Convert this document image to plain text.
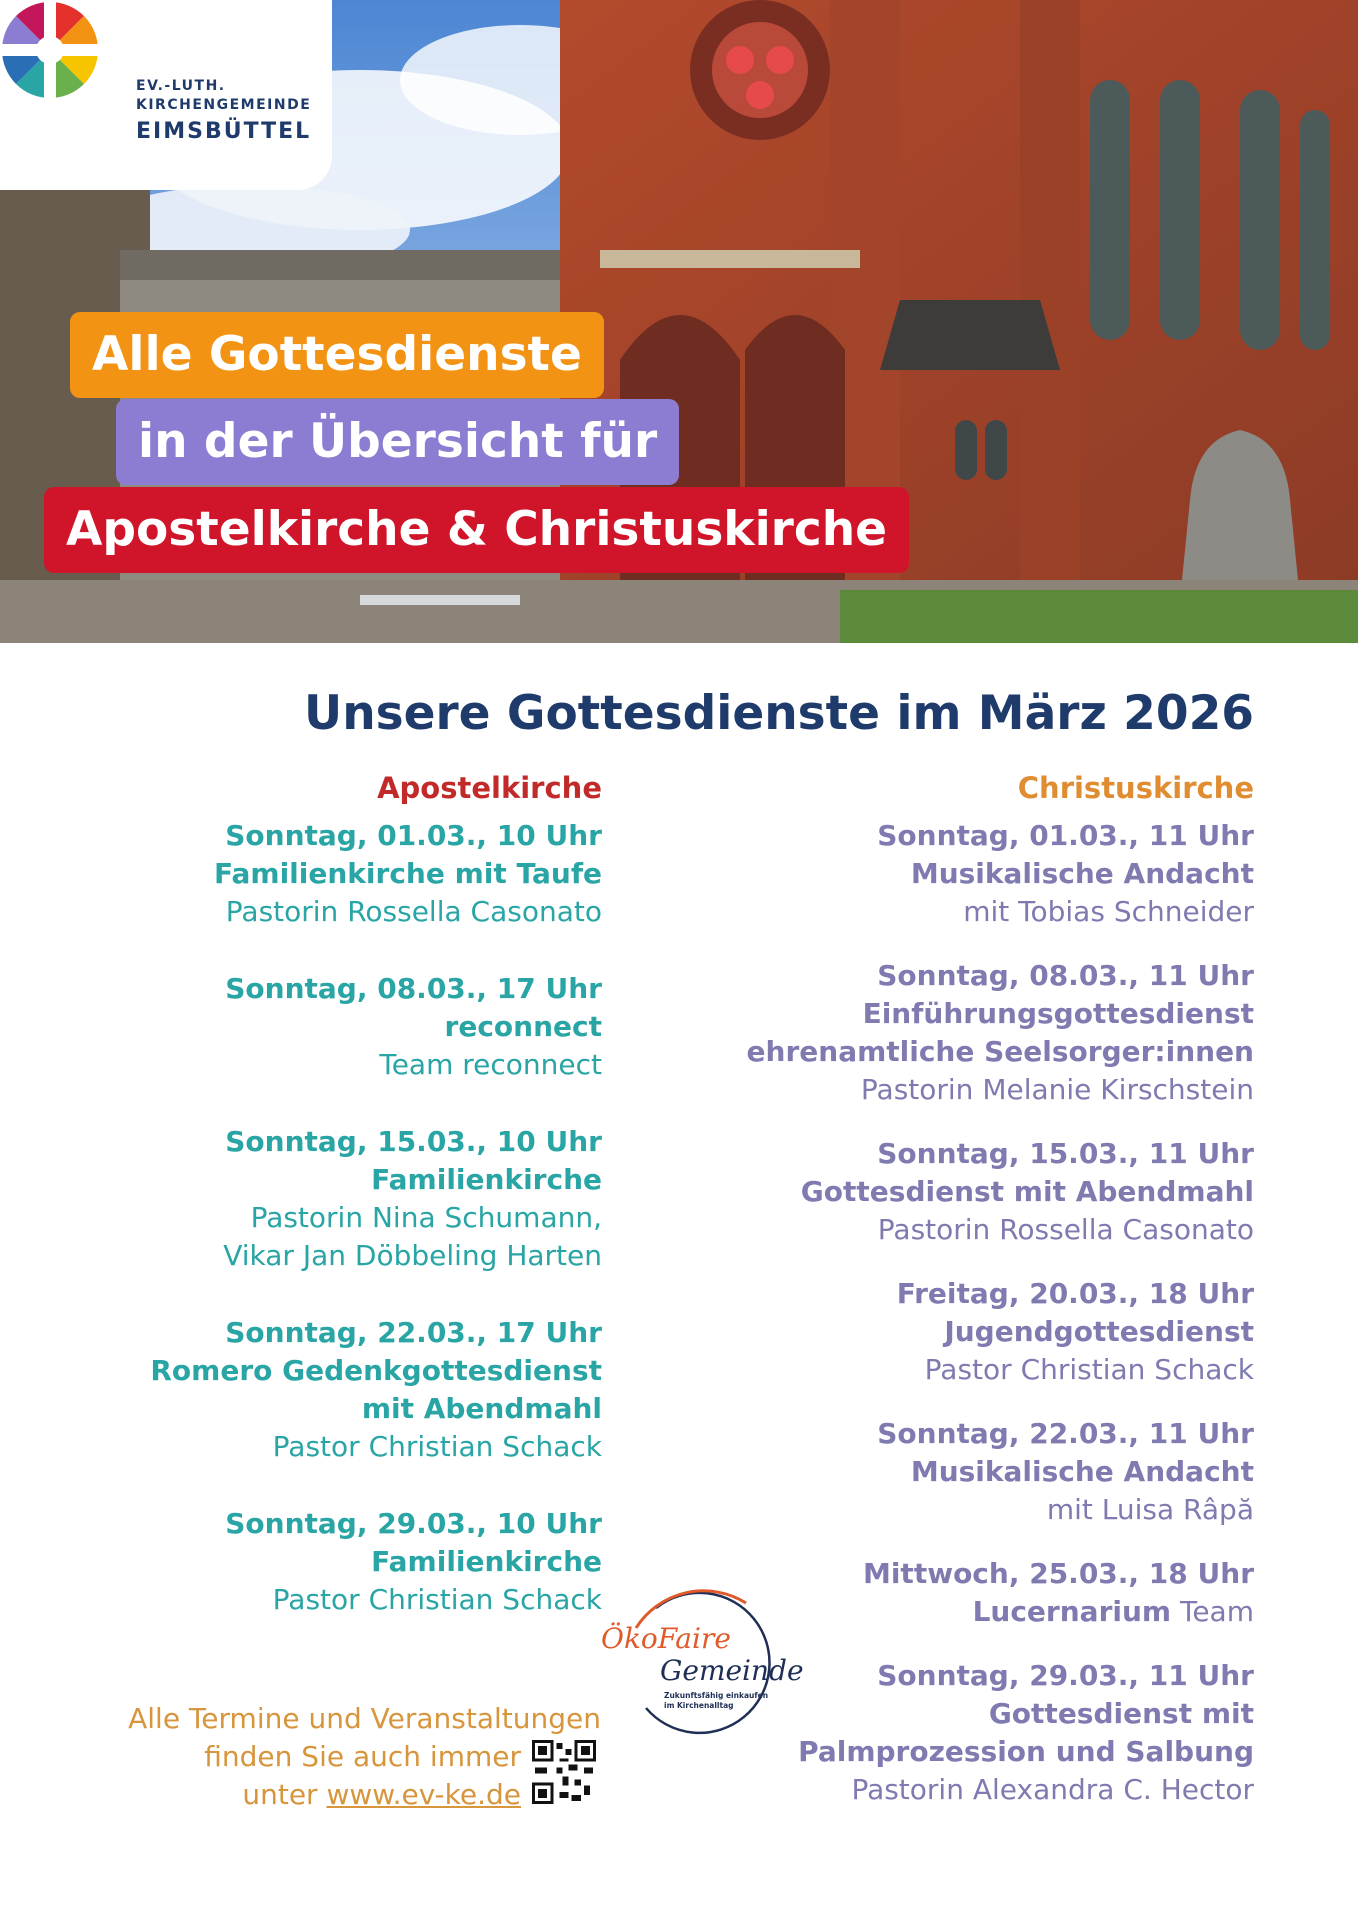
EV.-LUTH.
KIRCHENGEMEINDE
EIMSBÜTTEL
Alle Gottesdienste
in der Übersicht für
Apostelkirche & Christuskirche
Unsere Gottesdienste im März 2026
Apostelkirche
Sonntag, 01.03., 10 Uhr
Familienkirche mit Taufe
Pastorin Rossella Casonato
Sonntag, 08.03., 17 Uhr
reconnect
Team reconnect
Sonntag, 15.03., 10 Uhr
Familienkirche
Pastorin Nina Schumann,
Vikar Jan Döbbeling Harten
Sonntag, 22.03., 17 Uhr
Romero Gedenkgottesdienst
mit Abendmahl
Pastor Christian Schack
Sonntag, 29.03., 10 Uhr
Familienkirche
Pastor Christian Schack
Christuskirche
Sonntag, 01.03., 11 Uhr
Musikalische Andacht
mit Tobias Schneider
Sonntag, 08.03., 11 Uhr
Einführungsgottesdienst
ehrenamtliche Seelsorger:innen
Pastorin Melanie Kirschstein
Sonntag, 15.03., 11 Uhr
Gottesdienst mit Abendmahl
Pastorin Rossella Casonato
Freitag, 20.03., 18 Uhr
Jugendgottesdienst
Pastor Christian Schack
Sonntag, 22.03., 11 Uhr
Musikalische Andacht
mit Luisa Râpă
Mittwoch, 25.03., 18 Uhr
Lucernarium Team
Sonntag, 29.03., 11 Uhr
Gottesdienst mit
Palmprozession und Salbung
Pastorin Alexandra C. Hector
Alle Termine und Veranstaltungen
finden Sie auch immer
unter www.ev-ke.de
ÖkoFaire
Gemeinde
Zukunftsfähig einkaufen
im Kirchenalltag
